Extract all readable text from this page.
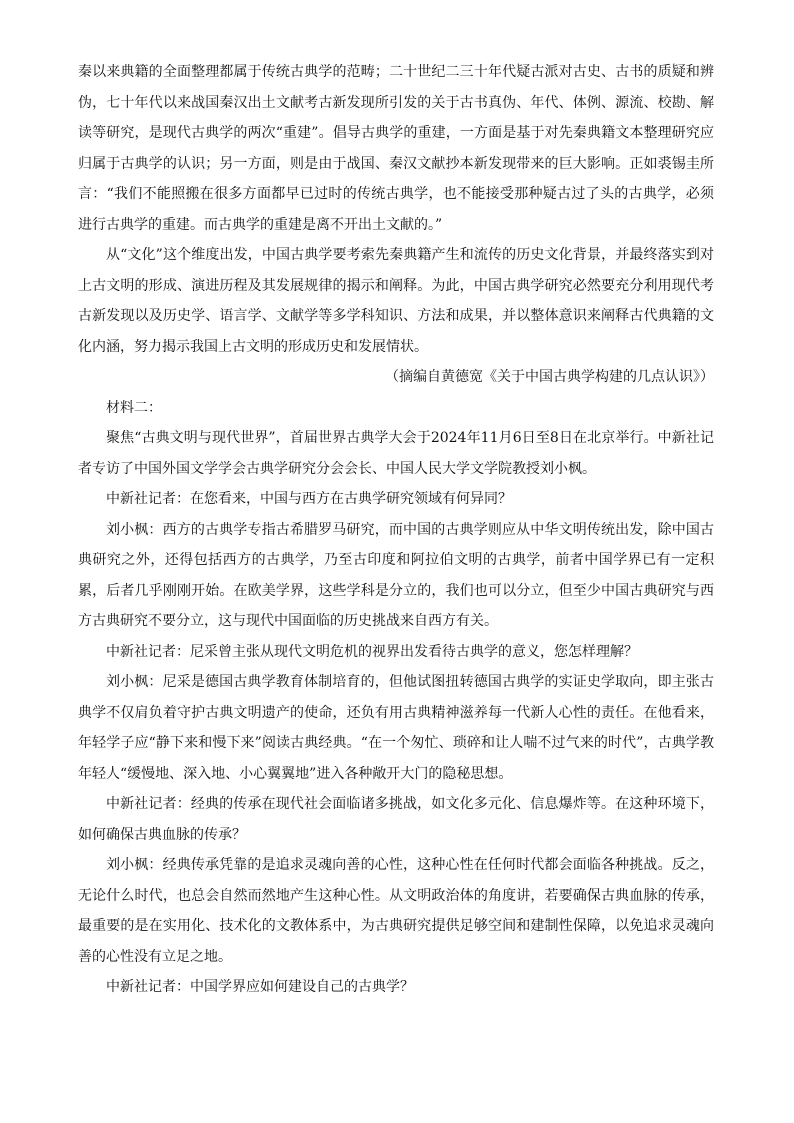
秦以来典籍的全面整理都属于传统古典学的范畴；二十世纪二三十年代疑古派对古史、古书的质疑和辨伪，七十年代以来战国秦汉出土文献考古新发现所引发的关于古书真伪、年代、体例、源流、校勘、解读等研究，是现代古典学的两次“重建”。倡导古典学的重建，一方面是基于对先秦典籍文本整理研究应归属于古典学的认识；另一方面，则是由于战国、秦汉文献抄本新发现带来的巨大影响。正如裘锡圭所言：“我们不能照搬在很多方面都早已过时的传统古典学，也不能接受那种疑古过了头的古典学，必须进行古典学的重建。而古典学的重建是离不开出土文献的。”

从“文化”这个维度出发，中国古典学要考索先秦典籍产生和流传的历史文化背景，并最终落实到对上古文明的形成、演进历程及其发展规律的揭示和阐释。为此，中国古典学研究必然要充分利用现代考古新发现以及历史学、语言学、文献学等多学科知识、方法和成果，并以整体意识来阐释古代典籍的文化内涵，努力揭示我国上古文明的形成历史和发展情状。

（摘编自黄德宽《关于中国古典学构建的几点认识》）

材料二：

聚焦“古典文明与现代世界”，首届世界古典学大会于2024年11月6日至8日在北京举行。中新社记者专访了中国外国文学学会古典学研究分会会长、中国人民大学文学院教授刘小枫。

中新社记者：在您看来，中国与西方在古典学研究领域有何异同？

刘小枫：西方的古典学专指古希腊罗马研究，而中国的古典学则应从中华文明传统出发，除中国古典研究之外，还得包括西方的古典学，乃至古印度和阿拉伯文明的古典学，前者中国学界已有一定积累，后者几乎刚刚开始。在欧美学界，这些学科是分立的，我们也可以分立，但至少中国古典研究与西方古典研究不要分立，这与现代中国面临的历史挑战来自西方有关。

中新社记者：尼采曾主张从现代文明危机的视界出发看待古典学的意义，您怎样理解？

刘小枫：尼采是德国古典学教育体制培育的，但他试图扭转德国古典学的实证史学取向，即主张古典学不仅肩负着守护古典文明遗产的使命，还负有用古典精神滋养每一代新人心性的责任。在他看来，年轻学子应“静下来和慢下来”阅读古典经典。“在一个匆忙、琐碎和让人喘不过气来的时代”，古典学教年轻人“缓慢地、深入地、小心翼翼地”进入各种敞开大门的隐秘思想。

中新社记者：经典的传承在现代社会面临诸多挑战，如文化多元化、信息爆炸等。在这种环境下，如何确保古典血脉的传承？

刘小枫：经典传承凭靠的是追求灵魂向善的心性，这种心性在任何时代都会面临各种挑战。反之，无论什么时代，也总会自然而然地产生这种心性。从文明政治体的角度讲，若要确保古典血脉的传承，最重要的是在实用化、技术化的文教体系中，为古典研究提供足够空间和建制性保障，以免追求灵魂向善的心性没有立足之地。

中新社记者：中国学界应如何建设自己的古典学？
